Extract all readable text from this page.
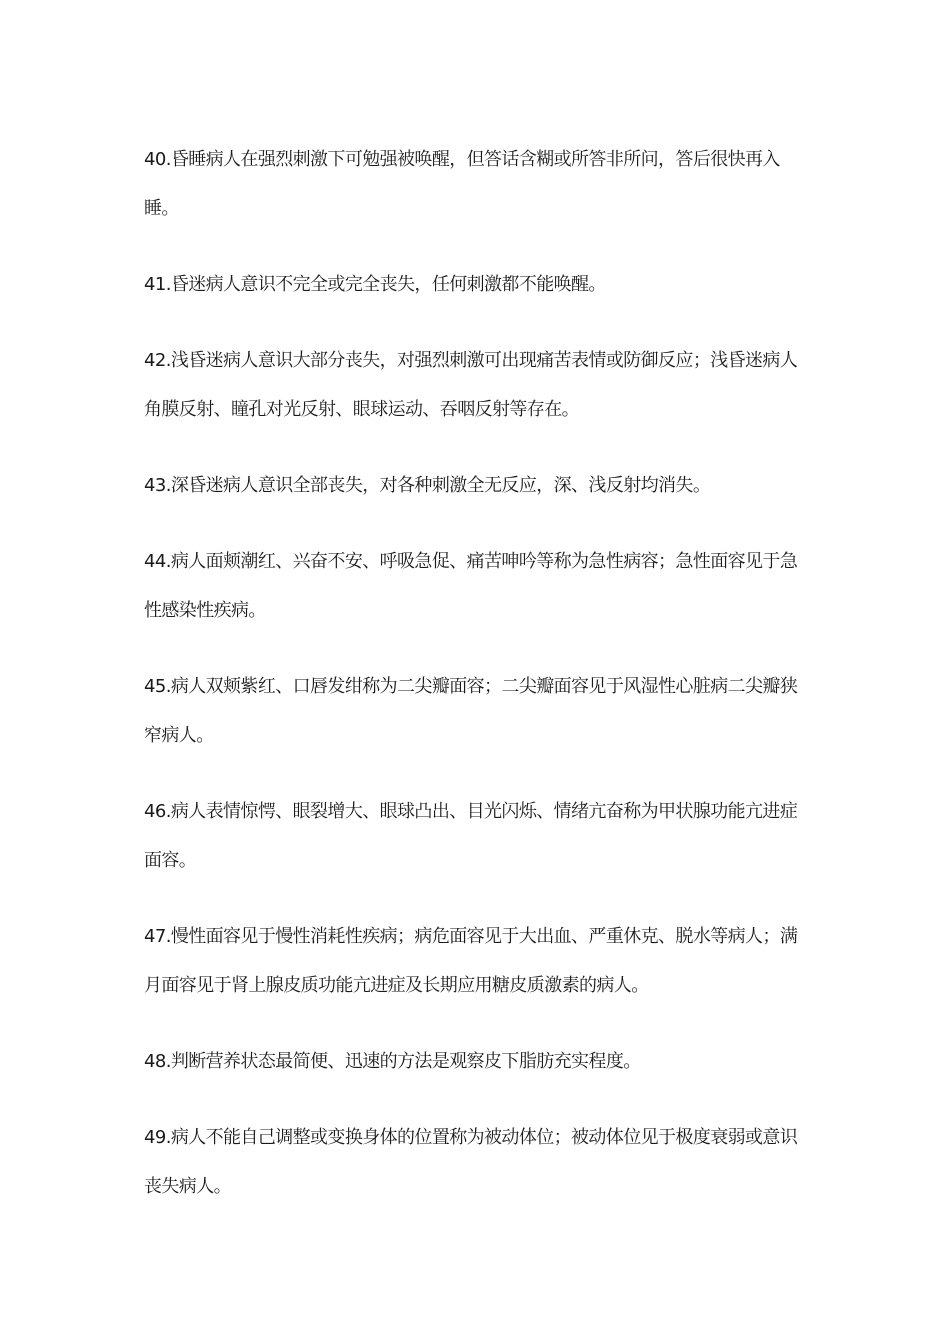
40.昏睡病人在强烈刺激下可勉强被唤醒，但答话含糊或所答非所问，答后很快再入睡。

41.昏迷病人意识不完全或完全丧失，任何刺激都不能唤醒。

42.浅昏迷病人意识大部分丧失，对强烈刺激可出现痛苦表情或防御反应；浅昏迷病人角膜反射、瞳孔对光反射、眼球运动、吞咽反射等存在。

43.深昏迷病人意识全部丧失，对各种刺激全无反应，深、浅反射均消失。

44.病人面颊潮红、兴奋不安、呼吸急促、痛苦呻吟等称为急性病容；急性面容见于急性感染性疾病。

45.病人双颊紫红、口唇发绀称为二尖瓣面容；二尖瓣面容见于风湿性心脏病二尖瓣狭窄病人。

46.病人表情惊愕、眼裂增大、眼球凸出、目光闪烁、情绪亢奋称为甲状腺功能亢进症面容。

47.慢性面容见于慢性消耗性疾病；病危面容见于大出血、严重休克、脱水等病人；满月面容见于肾上腺皮质功能亢进症及长期应用糖皮质激素的病人。

48.判断营养状态最简便、迅速的方法是观察皮下脂肪充实程度。

49.病人不能自己调整或变换身体的位置称为被动体位；被动体位见于极度衰弱或意识丧失病人。
